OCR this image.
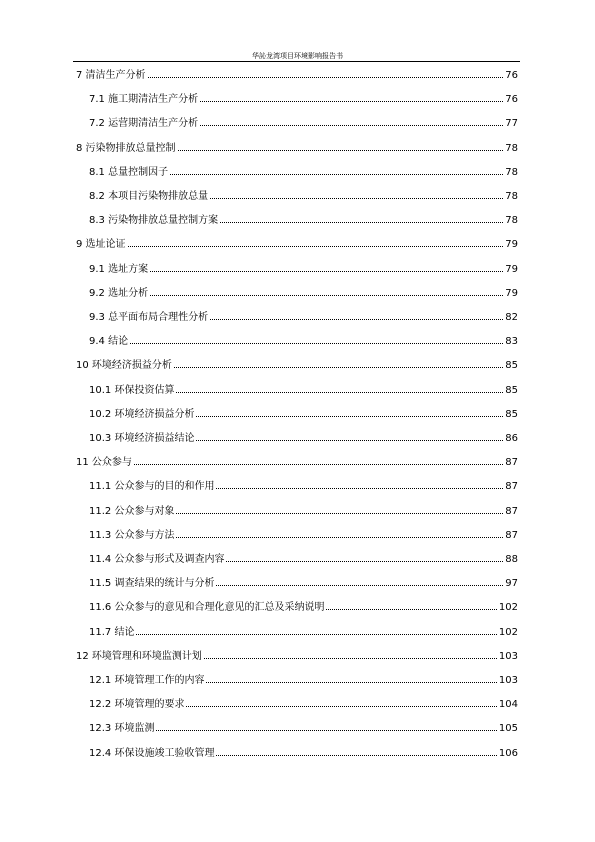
华訫龙湾项目环境影响报告书
7 清洁生产分析	76
7.1 施工期清洁生产分析	76
7.2 运营期清洁生产分析	77
8 污染物排放总量控制	78
8.1 总量控制因子	78
8.2 本项目污染物排放总量	78
8.3 污染物排放总量控制方案	78
9 选址论证	79
9.1 选址方案	79
9.2 选址分析	79
9.3 总平面布局合理性分析	82
9.4 结论	83
10 环境经济损益分析	85
10.1 环保投资估算	85
10.2 环境经济损益分析	85
10.3 环境经济损益结论	86
11 公众参与	87
11.1 公众参与的目的和作用	87
11.2 公众参与对象	87
11.3 公众参与方法	87
11.4 公众参与形式及调查内容	88
11.5 调查结果的统计与分析	97
11.6 公众参与的意见和合理化意见的汇总及采纳说明	102
11.7 结论	102
12 环境管理和环境监测计划	103
12.1 环境管理工作的内容	103
12.2 环境管理的要求	104
12.3 环境监测	105
12.4 环保设施竣工验收管理	106
